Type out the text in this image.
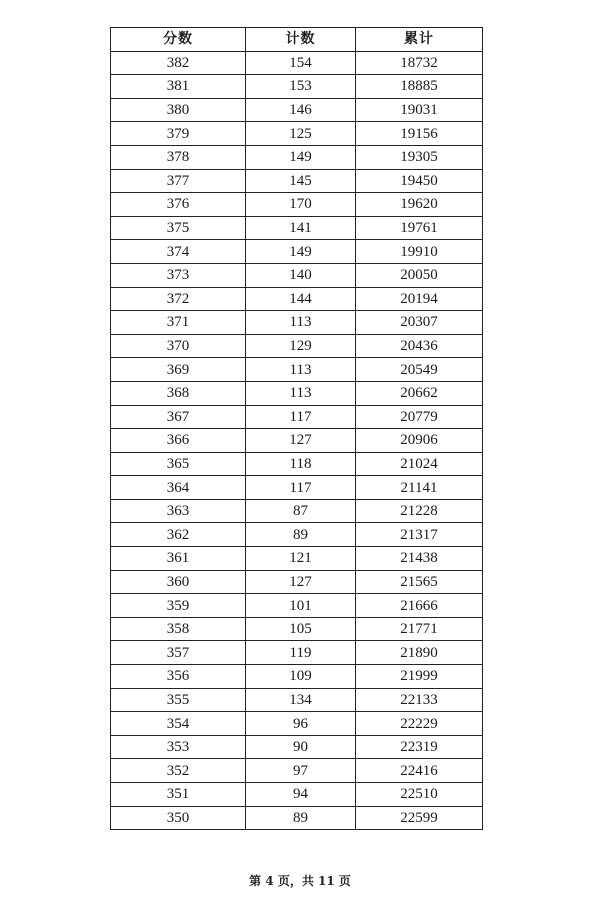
分数	计数	累计
382	154	18732
381	153	18885
380	146	19031
379	125	19156
378	149	19305
377	145	19450
376	170	19620
375	141	19761
374	149	19910
373	140	20050
372	144	20194
371	113	20307
370	129	20436
369	113	20549
368	113	20662
367	117	20779
366	127	20906
365	118	21024
364	117	21141
363	87	21228
362	89	21317
361	121	21438
360	127	21565
359	101	21666
358	105	21771
357	119	21890
356	109	21999
355	134	22133
354	96	22229
353	90	22319
352	97	22416
351	94	22510
350	89	22599
第 4 页，共 11 页
